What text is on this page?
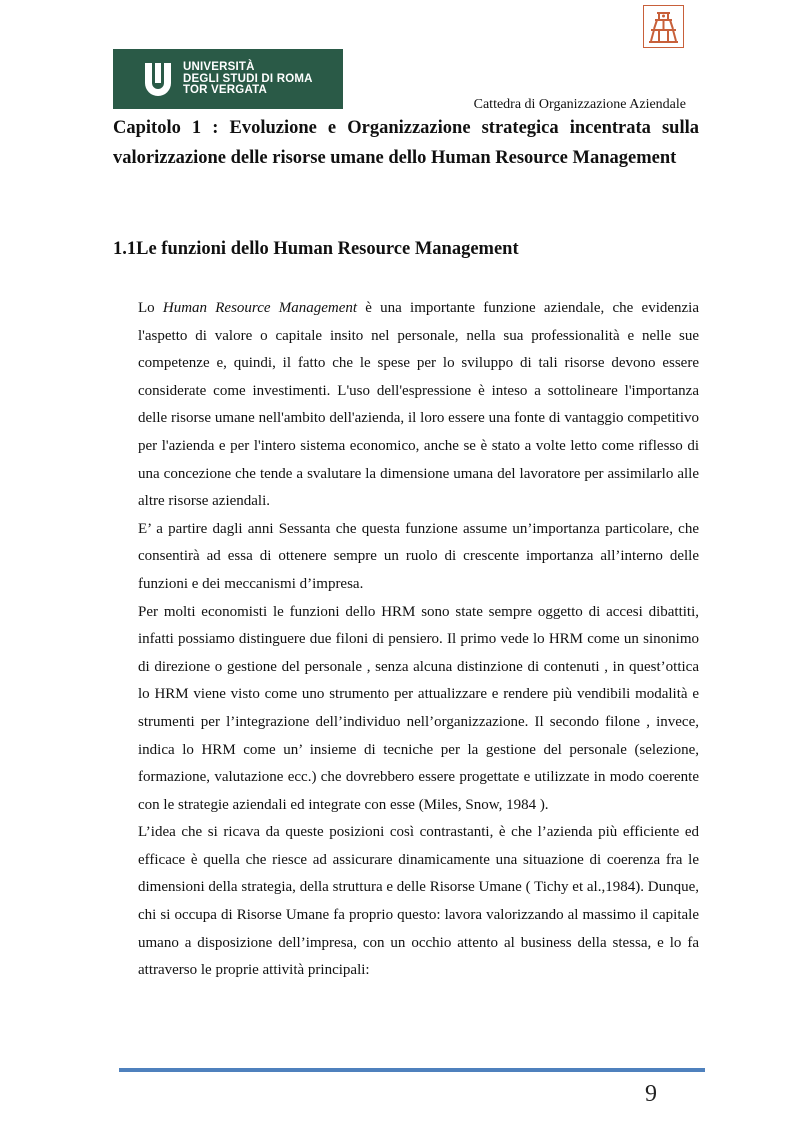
UNIVERSITÀ
DEGLI STUDI DI ROMA
TOR VERGATA
Cattedra di Organizzazione Aziendale
Capitolo 1 : Evoluzione e Organizzazione strategica incentrata sulla valorizzazione delle risorse umane dello Human Resource Management
1.1Le funzioni dello Human Resource Management

Lo Human Resource Management è una importante funzione aziendale, che evidenzia l'aspetto di valore o capitale insito nel personale, nella sua professionalità e nelle sue competenze e, quindi, il fatto che le spese per lo sviluppo di tali risorse devono essere considerate come investimenti. L'uso dell'espressione è inteso a sottolineare l'importanza delle risorse umane nell'ambito dell'azienda, il loro essere una fonte di vantaggio competitivo per l'azienda e per l'intero sistema economico, anche se è stato a volte letto come riflesso di una concezione che tende a svalutare la dimensione umana del lavoratore per assimilarlo alle altre risorse aziendali.

E’ a partire dagli anni Sessanta che questa funzione assume un’importanza particolare, che consentirà ad essa di ottenere sempre un ruolo di crescente importanza all’interno delle funzioni e dei meccanismi d’impresa.

Per molti economisti le funzioni dello HRM sono state sempre oggetto di accesi dibattiti, infatti possiamo distinguere due filoni di pensiero. Il primo vede lo HRM come un sinonimo di direzione o gestione del personale , senza alcuna distinzione di contenuti , in quest’ottica lo HRM viene visto come uno strumento per attualizzare e rendere più vendibili modalità e strumenti per l’integrazione dell’individuo nell’organizzazione. Il secondo filone , invece, indica lo HRM come un’ insieme di tecniche per la gestione del personale (selezione, formazione, valutazione ecc.) che dovrebbero essere progettate e utilizzate in modo coerente con le strategie aziendali ed integrate con esse (Miles, Snow, 1984 ).

L’idea che si ricava da queste posizioni così contrastanti, è che l’azienda più efficiente ed efficace è quella che riesce ad assicurare dinamicamente una situazione di coerenza fra le dimensioni della strategia, della struttura e delle Risorse Umane ( Tichy et al.,1984). Dunque, chi si occupa di Risorse Umane fa proprio questo: lavora valorizzando al massimo il capitale umano a disposizione dell’impresa, con un occhio attento al business della stessa, e lo fa attraverso le proprie attività principali:

9
